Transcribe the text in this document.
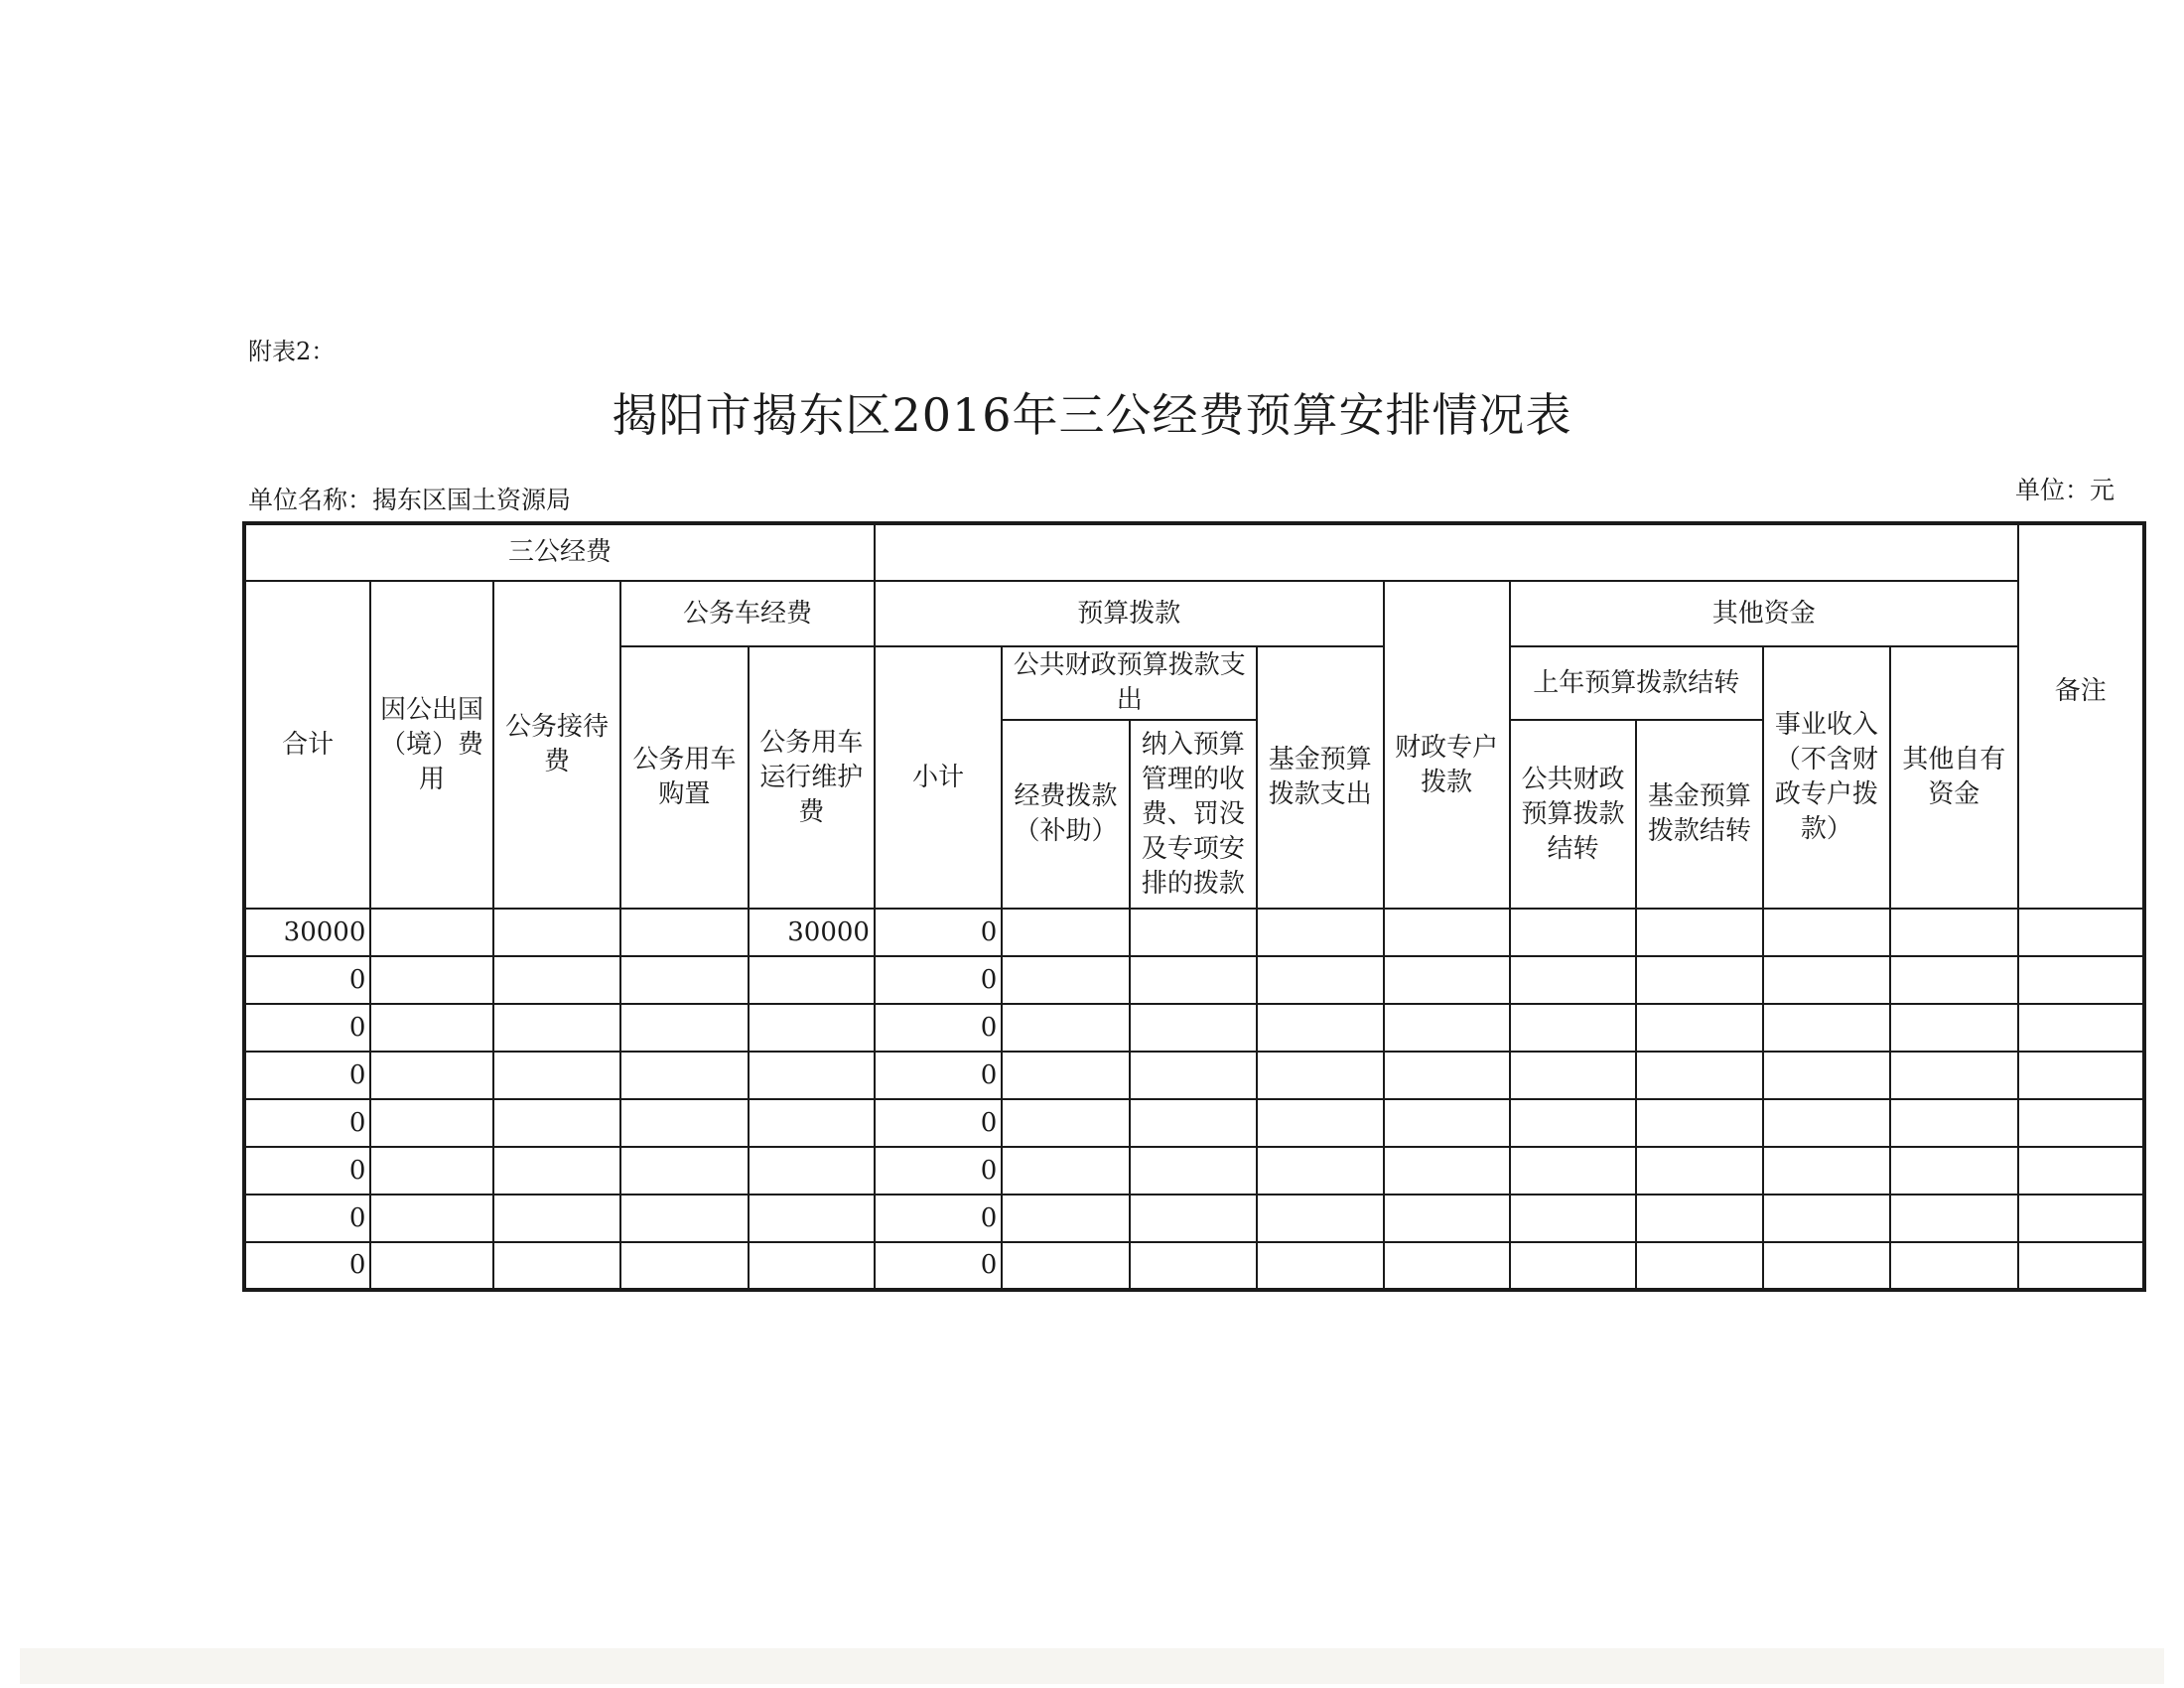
附表2：
揭阳市揭东区2016年三公经费预算安排情况表
单位名称：揭东区国土资源局	单位：元
三公经费														备注
合计	因公出国（境）费用	公务接待费	公务车经费		预算拨款				财政专户拨款	其他资金				
			公务用车购置	公务用车运行维护费	小计	公共财政预算拨款支出		基金预算拨款支出		上年预算拨款结转		事业收入（不含财政专户拨款）	其他自有资金	
						经费拨款（补助）	纳入预算管理的收费、罚没及专项安排的拨款			公共财政预算拨款结转	基金预算拨款结转			
30000				30000	0									
0					0									
0					0									
0					0									
0					0									
0					0									
0					0									
0					0									
